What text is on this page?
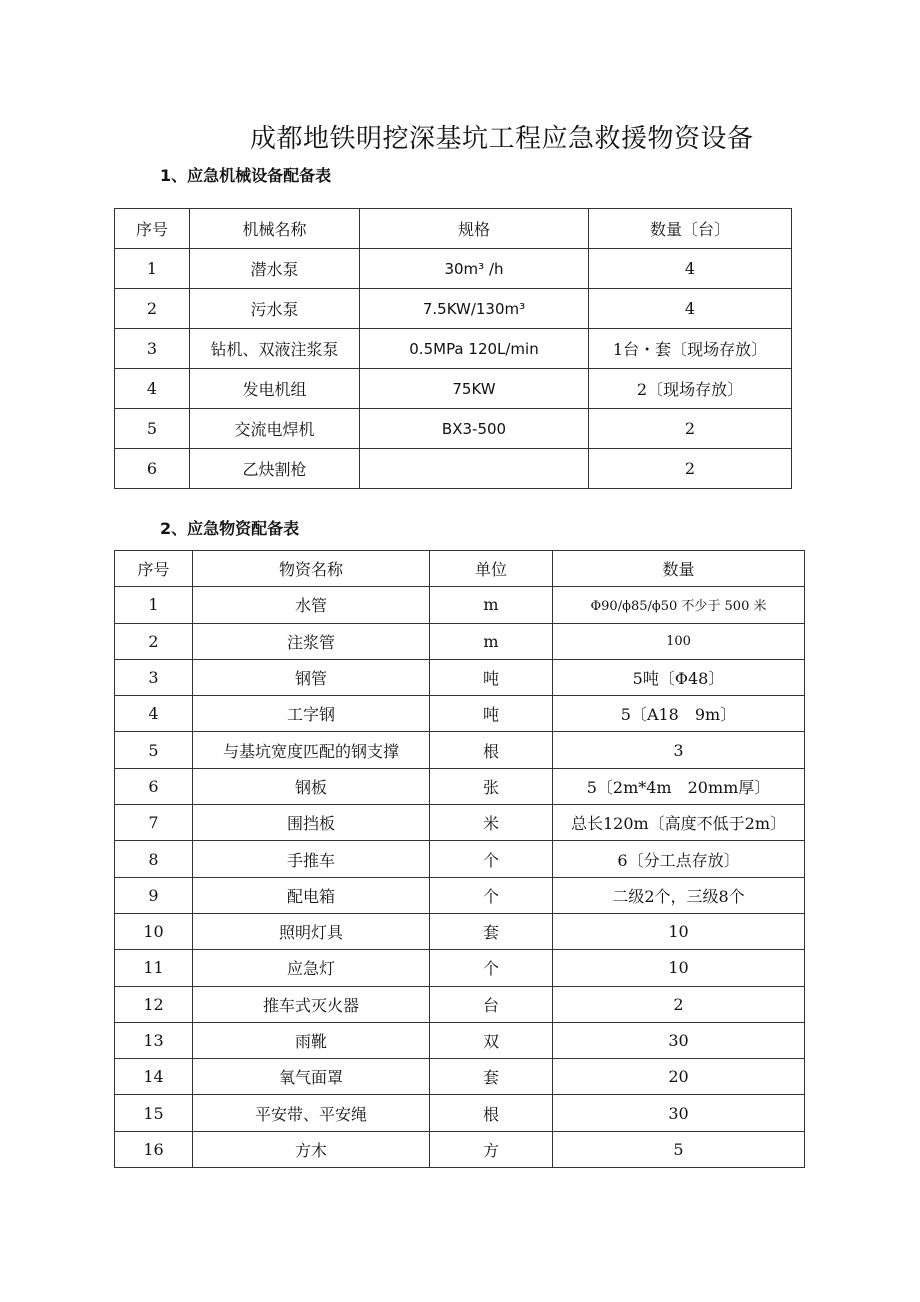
成都地铁明挖深基坑工程应急救援物资设备
1、应急机械设备配备表
序号	机械名称	规格	数量〔台〕
1	潜水泵	30m³ /h	4
2	污水泵	7.5KW/130m³	4
3	钻机、双液注浆泵	0.5MPa 120L/min	1台・套〔现场存放〕
4	发电机组	75KW	2〔现场存放〕
5	交流电焊机	BX3-500	2
6	乙炔割枪		2
2、应急物资配备表
序号	物资名称	单位	数量
1	水管	m	Φ90/ϕ85/ϕ50 不少于 500 米
2	注浆管	m	100
3	钢管	吨	5吨〔Φ48〕
4	工字钢	吨	5〔A18　9m〕
5	与基坑宽度匹配的钢支撑	根	3
6	钢板	张	5〔2m*4m　20mm厚〕
7	围挡板	米	总长120m〔高度不低于2m〕
8	手推车	个	6〔分工点存放〕
9	配电箱	个	二级2个，三级8个
10	照明灯具	套	10
11	应急灯	个	10
12	推车式灭火器	台	2
13	雨靴	双	30
14	氧气面罩	套	20
15	平安带、平安绳	根	30
16	方木	方	5
